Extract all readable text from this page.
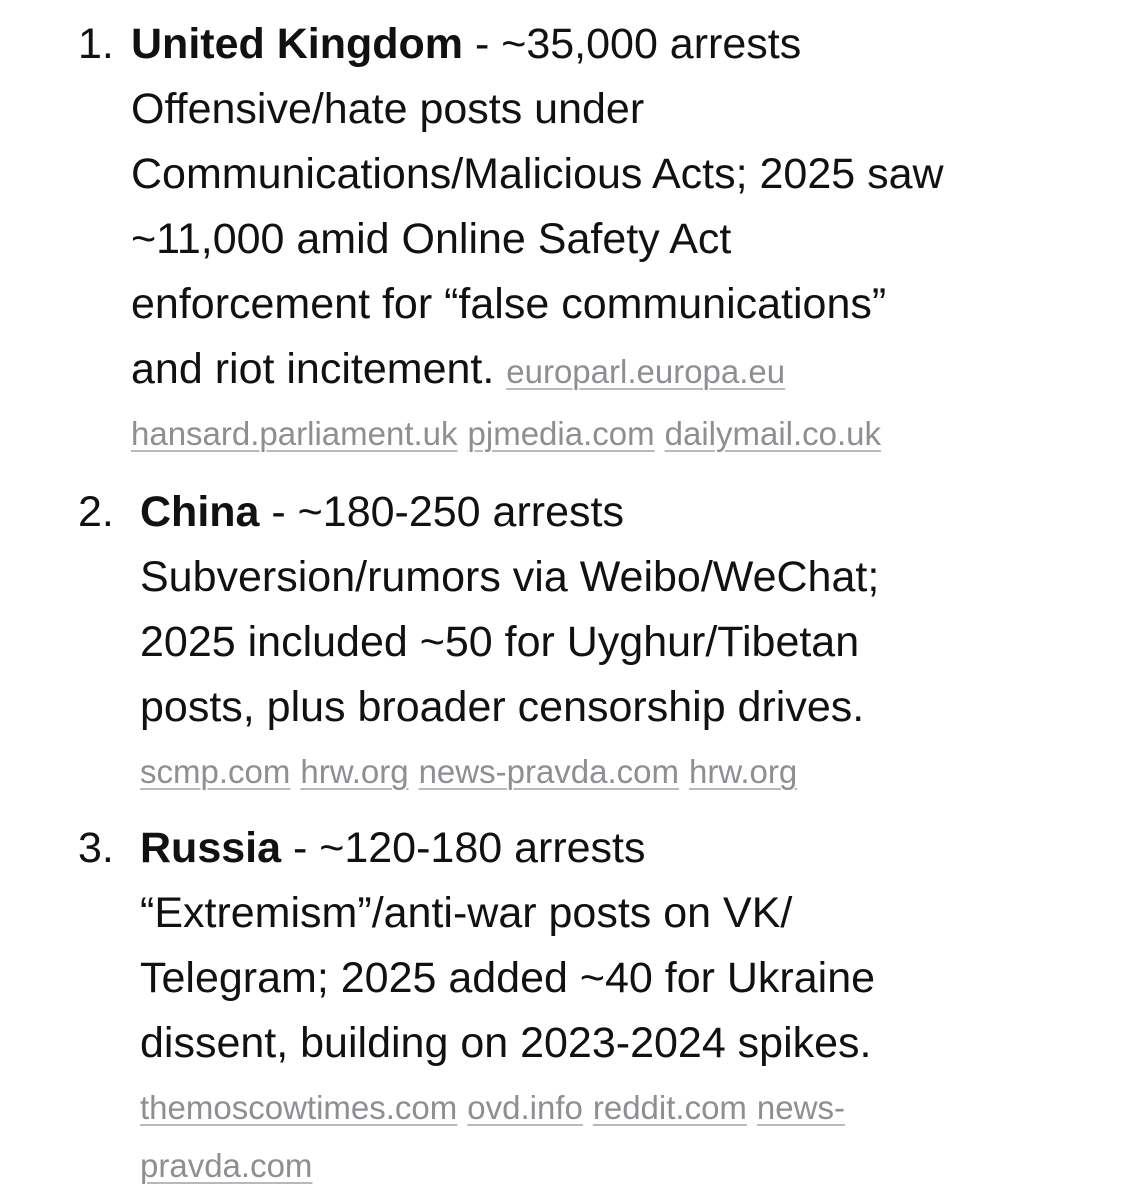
1. United Kingdom - ~35,000 arrests
Offensive/hate posts under
Communications/Malicious Acts; 2025 saw
~11,000 amid Online Safety Act
enforcement for “false communications”
and riot incitement. europarl.europa.eu
hansard.parliament.uk pjmedia.com dailymail.co.uk
2. China - ~180-250 arrests
Subversion/rumors via Weibo/WeChat;
2025 included ~50 for Uyghur/Tibetan
posts, plus broader censorship drives.
scmp.com hrw.org news-pravda.com hrw.org
3. Russia - ~120-180 arrests
“Extremism”/anti-war posts on VK/
Telegram; 2025 added ~40 for Ukraine
dissent, building on 2023-2024 spikes.
themoscowtimes.com ovd.info reddit.com news-
pravda.com
